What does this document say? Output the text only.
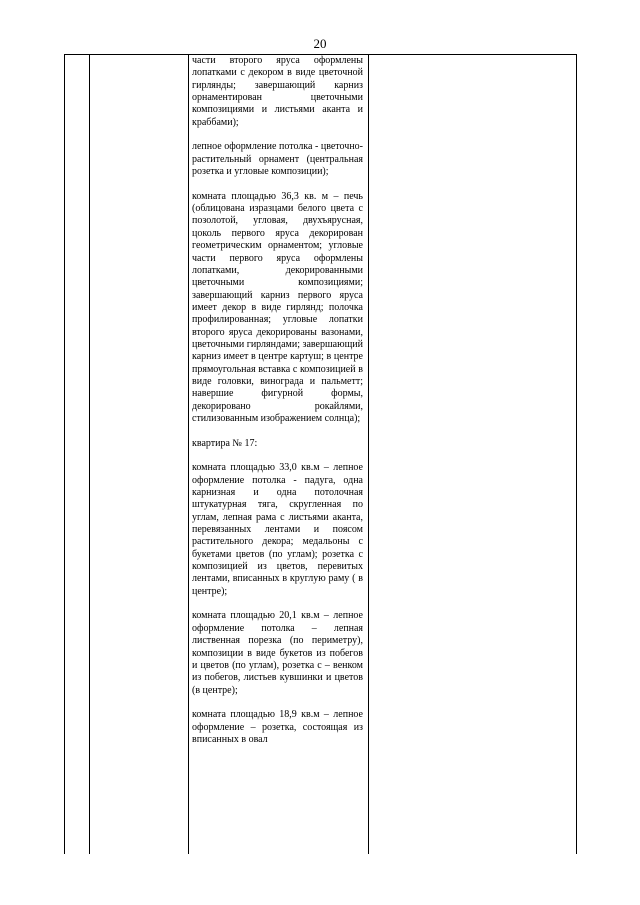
20

части второго яруса оформлены лопатками с декором в виде цветочной гирлянды; завершающий карниз орнаментирован цветочными композициями и листьями аканта и краббами);

лепное оформление потолка - цветочно-растительный орнамент (центральная розетка и угловые композиции);

комната площадью 36,3 кв. м – печь (облицована изразцами белого цвета с позолотой, угловая, двухъярусная, цоколь первого яруса декорирован геометрическим орнаментом; угловые части первого яруса оформлены лопатками, декорированными цветочными композициями; завершающий карниз первого яруса имеет декор в виде гирлянд; полочка профилированная; угловые лопатки второго яруса декорированы вазонами, цветочными гирляндами; завершающий карниз имеет в центре картуш; в центре прямоугольная вставка с композицией в виде головки, винограда и пальметт; навершие фигурной формы, декорировано рокайлями, стилизованным изображением солнца);

квартира № 17:

комната площадью 33,0 кв.м – лепное оформление потолка - падуга, одна карнизная и одна потолочная штукатурная тяга, скругленная по углам, лепная рама с листьями аканта, перевязанных лентами и поясом растительного декора; медальоны с букетами цветов (по углам); розетка с композицией из цветов, перевитых лентами, вписанных в круглую раму ( в центре);

комната площадью 20,1 кв.м – лепное оформление потолка – лепная лиственная порезка (по периметру), композиции в виде букетов из побегов и цветов (по углам), розетка с – венком из побегов, листьев кувшинки и цветов (в центре);

комната площадью 18,9 кв.м – лепное оформление – розетка, состоящая из вписанных в овал
